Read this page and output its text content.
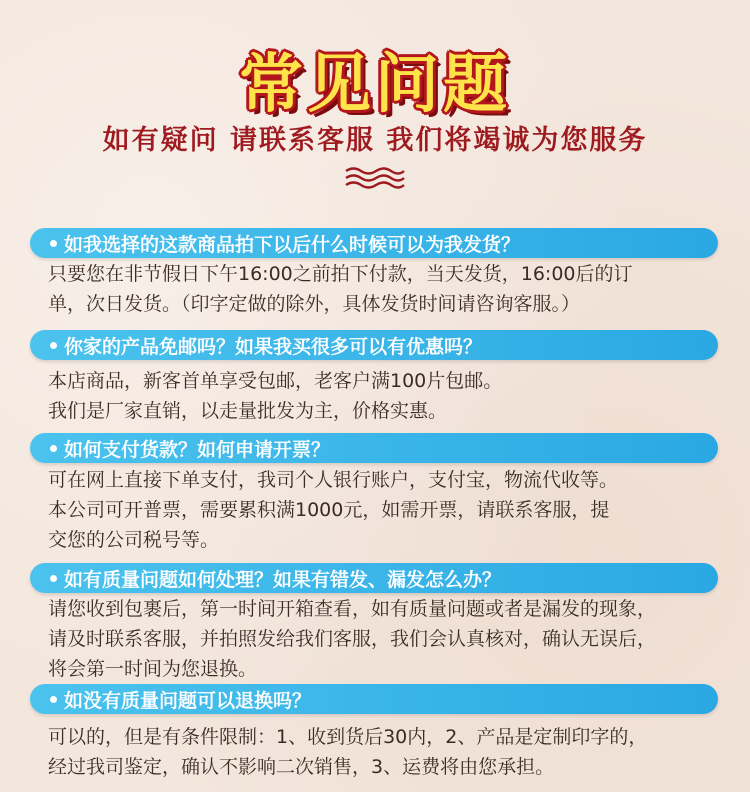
常见问题
如有疑问 请联系客服 我们将竭诚为您服务
如我选择的这款商品拍下以后什么时候可以为我发货？
只要您在非节假日下午16:00之前拍下付款，当天发货，16:00后的订
单，次日发货。（印字定做的除外，具体发货时间请咨询客服。）
你家的产品免邮吗？如果我买很多可以有优惠吗？
本店商品，新客首单享受包邮，老客户满100片包邮。
我们是厂家直销，以走量批发为主，价格实惠。
如何支付货款？如何申请开票？
可在网上直接下单支付，我司个人银行账户，支付宝，物流代收等。
本公司可开普票，需要累积满1000元，如需开票，请联系客服，提
交您的公司税号等。
如有质量问题如何处理？如果有错发、漏发怎么办？
请您收到包裹后，第一时间开箱查看，如有质量问题或者是漏发的现象，
请及时联系客服，并拍照发给我们客服，我们会认真核对，确认无误后，
将会第一时间为您退换。
如没有质量问题可以退换吗？
可以的，但是有条件限制：1、收到货后30内，2、产品是定制印字的，
经过我司鉴定，确认不影响二次销售，3、运费将由您承担。
